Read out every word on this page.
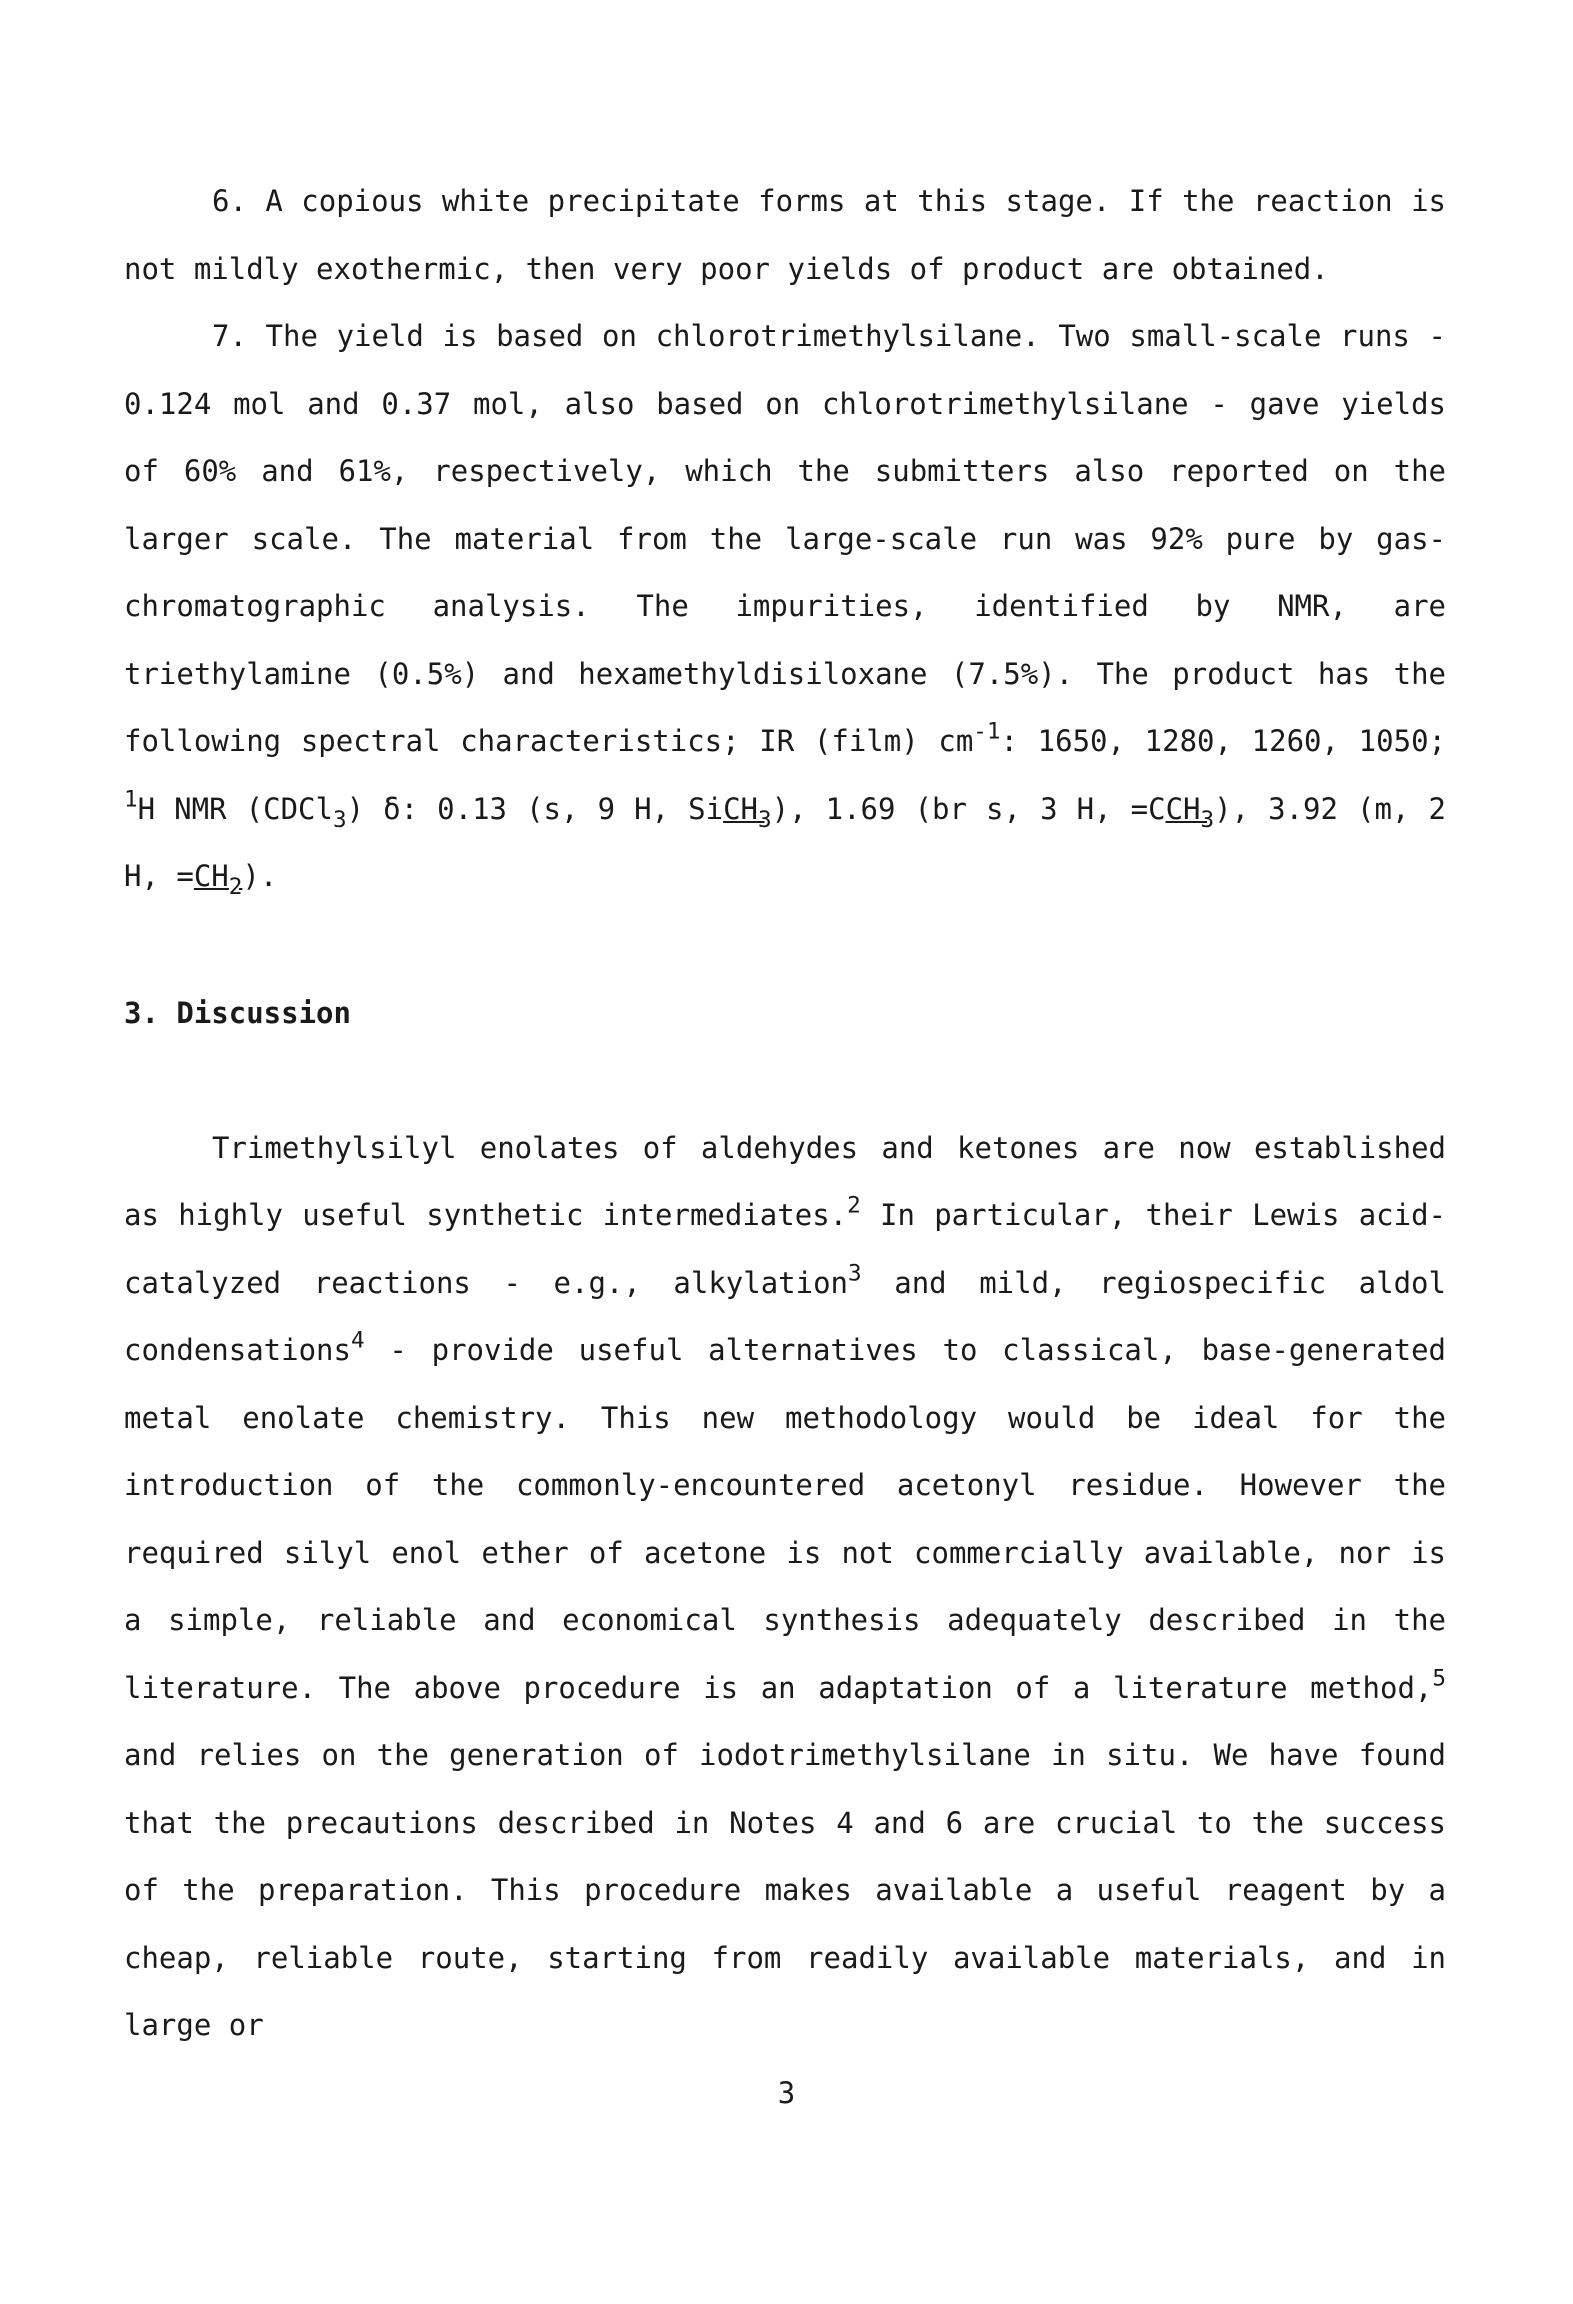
6. A copious white precipitate forms at this stage. If the reaction is not mildly exothermic, then very poor yields of product are obtained.

7. The yield is based on chlorotrimethylsilane. Two small-scale runs - 0.124 mol and 0.37 mol, also based on chlorotrimethylsilane - gave yields of 60% and 61%, respectively, which the submitters also reported on the larger scale. The material from the large-scale run was 92% pure by gas-chromatographic analysis. The impurities, identified by NMR, are triethylamine (0.5%) and hexamethyldisiloxane (7.5%). The product has the following spectral characteristics; IR (film) $cm^{-1}$: 1650, 1280, 1260, 1050; $^1$H NMR (CDCl$_3$) δ: 0.13 (s, 9 H, SiCH$_3$), 1.69 (br s, 3 H, $=CCH_3$), 3.92 (m, 2 H, $=CH_2$).

3. Discussion

Trimethylsilyl enolates of aldehydes and ketones are now established as highly useful synthetic intermediates.$^2$ In particular, their Lewis acid-catalyzed reactions - e.g., alkylation$^3$ and mild, regiospecific aldol condensations$^4$ - provide useful alternatives to classical, base-generated metal enolate chemistry. This new methodology would be ideal for the introduction of the commonly-encountered acetonyl residue. However the required silyl enol ether of acetone is not commercially available, nor is a simple, reliable and economical synthesis adequately described in the literature. The above procedure is an adaptation of a literature method,$^5$ and relies on the generation of iodotrimethylsilane in situ. We have found that the precautions described in Notes 4 and 6 are crucial to the success of the preparation. This procedure makes available a useful reagent by a cheap, reliable route, starting from readily available materials, and in large or

3
